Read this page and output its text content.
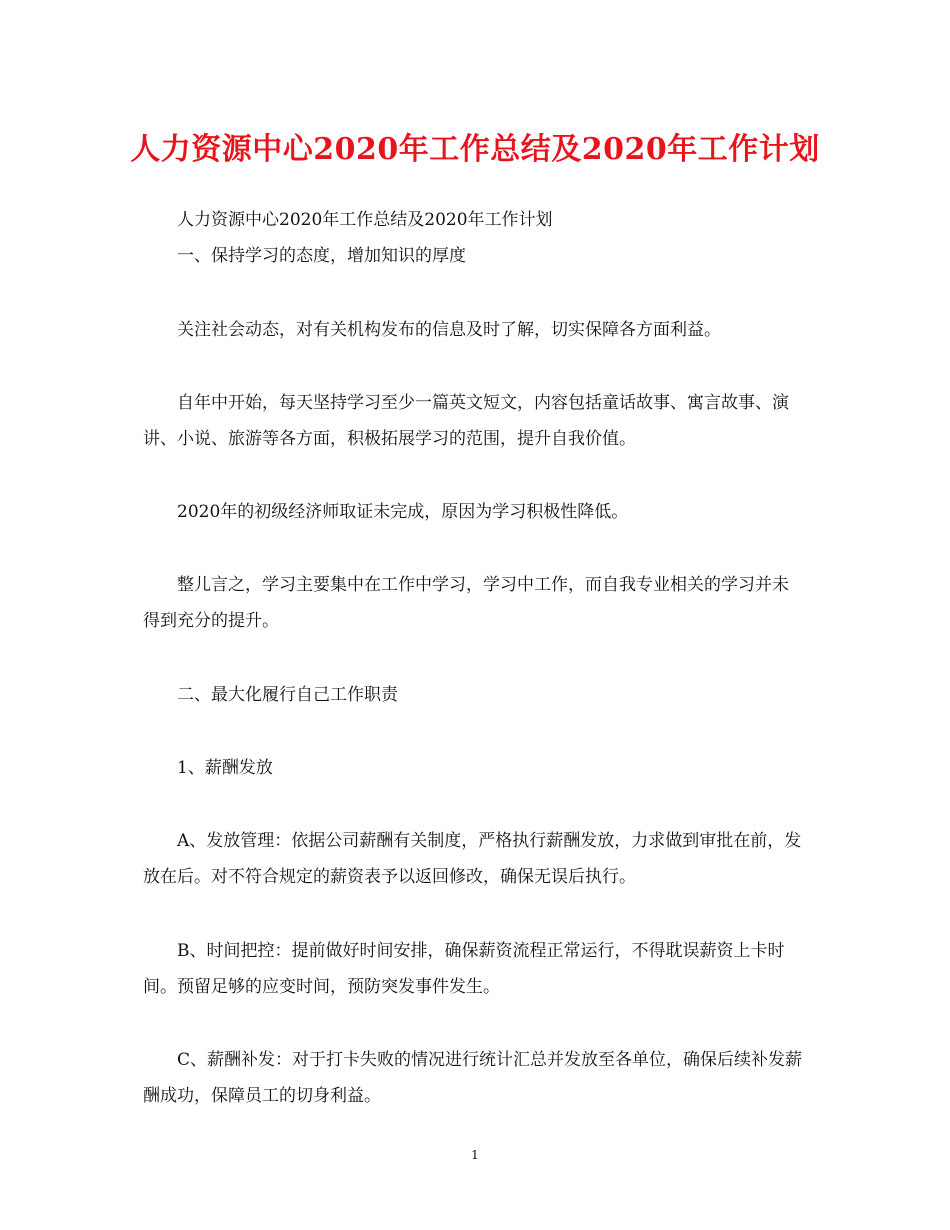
人力资源中心2020年工作总结及2020年工作计划
人力资源中心2020年工作总结及2020年工作计划
一、保持学习的态度，增加知识的厚度
关注社会动态，对有关机构发布的信息及时了解，切实保障各方面利益。
自年中开始，每天坚持学习至少一篇英文短文，内容包括童话故事、寓言故事、演讲、小说、旅游等各方面，积极拓展学习的范围，提升自我价值。
2020年的初级经济师取证未完成，原因为学习积极性降低。
整儿言之，学习主要集中在工作中学习，学习中工作，而自我专业相关的学习并未得到充分的提升。
二、最大化履行自己工作职责
1、薪酬发放
A、发放管理：依据公司薪酬有关制度，严格执行薪酬发放，力求做到审批在前，发放在后。对不符合规定的薪资表予以返回修改，确保无误后执行。
B、时间把控：提前做好时间安排，确保薪资流程正常运行，不得耽误薪资上卡时间。预留足够的应变时间，预防突发事件发生。
C、薪酬补发：对于打卡失败的情况进行统计汇总并发放至各单位，确保后续补发薪酬成功，保障员工的切身利益。
1
